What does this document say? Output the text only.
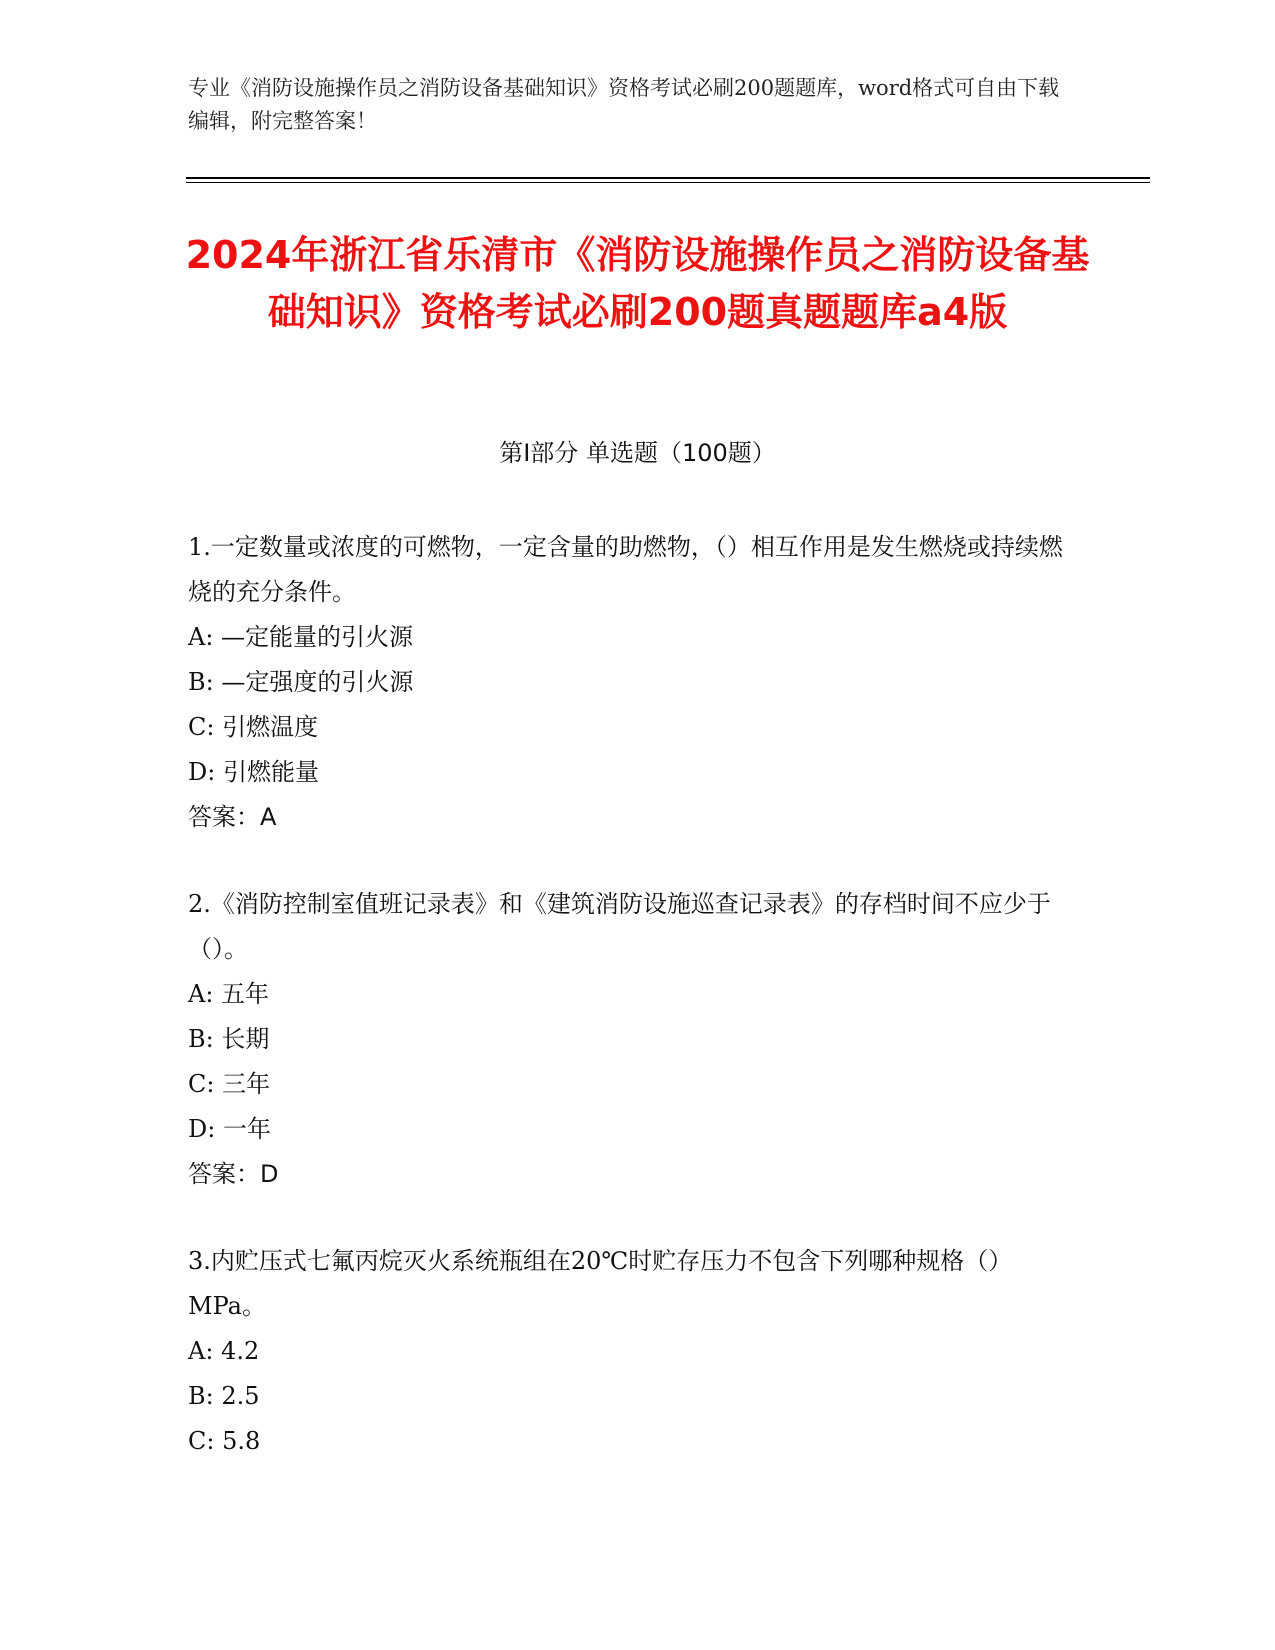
专业《消防设施操作员之消防设备基础知识》资格考试必刷200题题库，word格式可自由下载编辑，附完整答案！
2024年浙江省乐清市《消防设施操作员之消防设备基础知识》资格考试必刷200题真题题库a4版
第Ⅰ部分 单选题（100题）
1.一定数量或浓度的可燃物，一定含量的助燃物，（）相互作用是发生燃烧或持续燃烧的充分条件。
A: —定能量的引火源
B: —定强度的引火源
C: 引燃温度
D: 引燃能量
答案：A
2.《消防控制室值班记录表》和《建筑消防设施巡查记录表》的存档时间不应少于（）。
A: 五年
B: 长期
C: 三年
D: 一年
答案：D
3.内贮压式七氟丙烷灭火系统瓶组在20℃时贮存压力不包含下列哪种规格（）MPa。
A: 4.2
B: 2.5
C: 5.8
